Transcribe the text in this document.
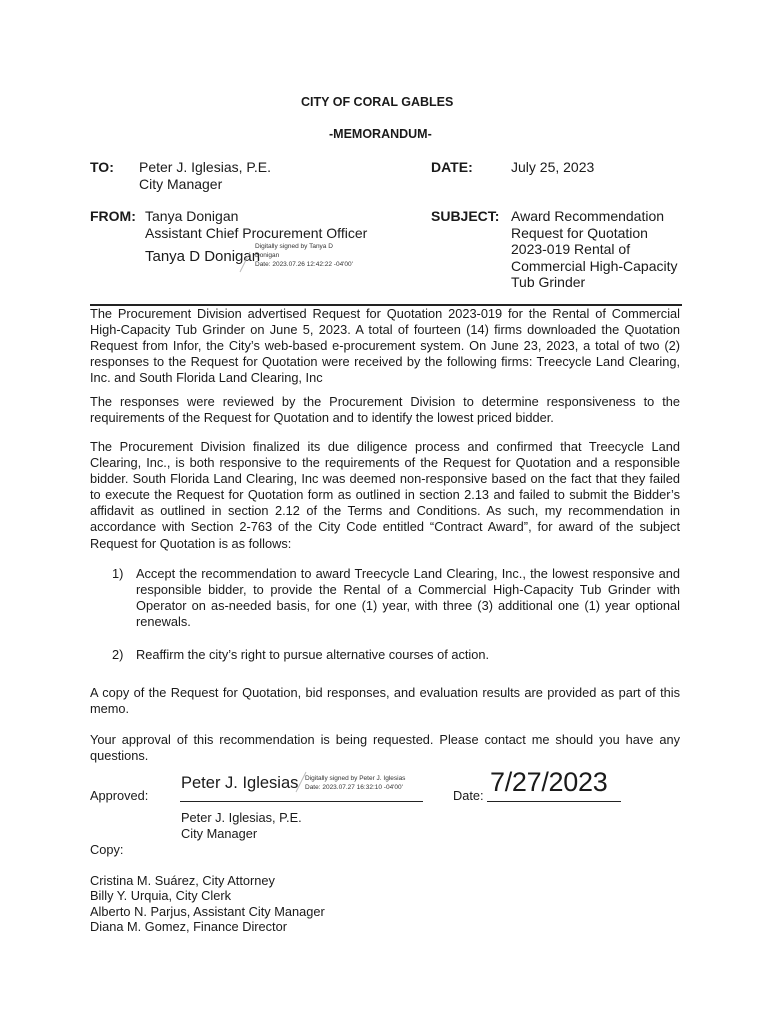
CITY OF CORAL GABLES
-MEMORANDUM-
TO: Peter J. Iglesias, P.E.
City Manager
DATE:	July 25, 2023
FROM: Tanya Donigan
Assistant Chief Procurement Officer
Tanya D Donigan
Digitally signed by Tanya D
Donigan
Date: 2023.07.26 12:42:22 -04'00'
SUBJECT: Award Recommendation
Request for Quotation
2023-019 Rental of
Commercial High-Capacity
Tub Grinder
The Procurement Division advertised Request for Quotation 2023-019 for the Rental of Commercial High-Capacity Tub Grinder on June 5, 2023. A total of fourteen (14) firms downloaded the Quotation Request from Infor, the City’s web-based e-procurement system. On June 23, 2023, a total of two (2) responses to the Request for Quotation were received by the following firms: Treecycle Land Clearing, Inc. and South Florida Land Clearing, Inc
The responses were reviewed by the Procurement Division to determine responsiveness to the requirements of the Request for Quotation and to identify the lowest priced bidder.
The Procurement Division finalized its due diligence process and confirmed that Treecycle Land Clearing, Inc., is both responsive to the requirements of the Request for Quotation and a responsible bidder. South Florida Land Clearing, Inc was deemed non-responsive based on the fact that they failed to execute the Request for Quotation form as outlined in section 2.13 and failed to submit the Bidder’s affidavit as outlined in section 2.12 of the Terms and Conditions. As such, my recommendation in accordance with Section 2-763 of the City Code entitled “Contract Award”, for award of the subject Request for Quotation is as follows:
1) Accept the recommendation to award Treecycle Land Clearing, Inc., the lowest responsive and responsible bidder, to provide the Rental of a Commercial High-Capacity Tub Grinder with Operator on as-needed basis, for one (1) year, with three (3) additional one (1) year optional renewals.
2) Reaffirm the city’s right to pursue alternative courses of action.
A copy of the Request for Quotation, bid responses, and evaluation results are provided as part of this memo.
Your approval of this recommendation is being requested. Please contact me should you have any questions.
Approved:
Peter J. Iglesias Digitally signed by Peter J. Iglesias
Date: 2023.07.27 16:32:10 -04'00'
Date: 7/27/2023
Peter J. Iglesias, P.E.
City Manager
Copy:
Cristina M. Suárez, City Attorney
Billy Y. Urquia, City Clerk
Alberto N. Parjus, Assistant City Manager
Diana M. Gomez, Finance Director
